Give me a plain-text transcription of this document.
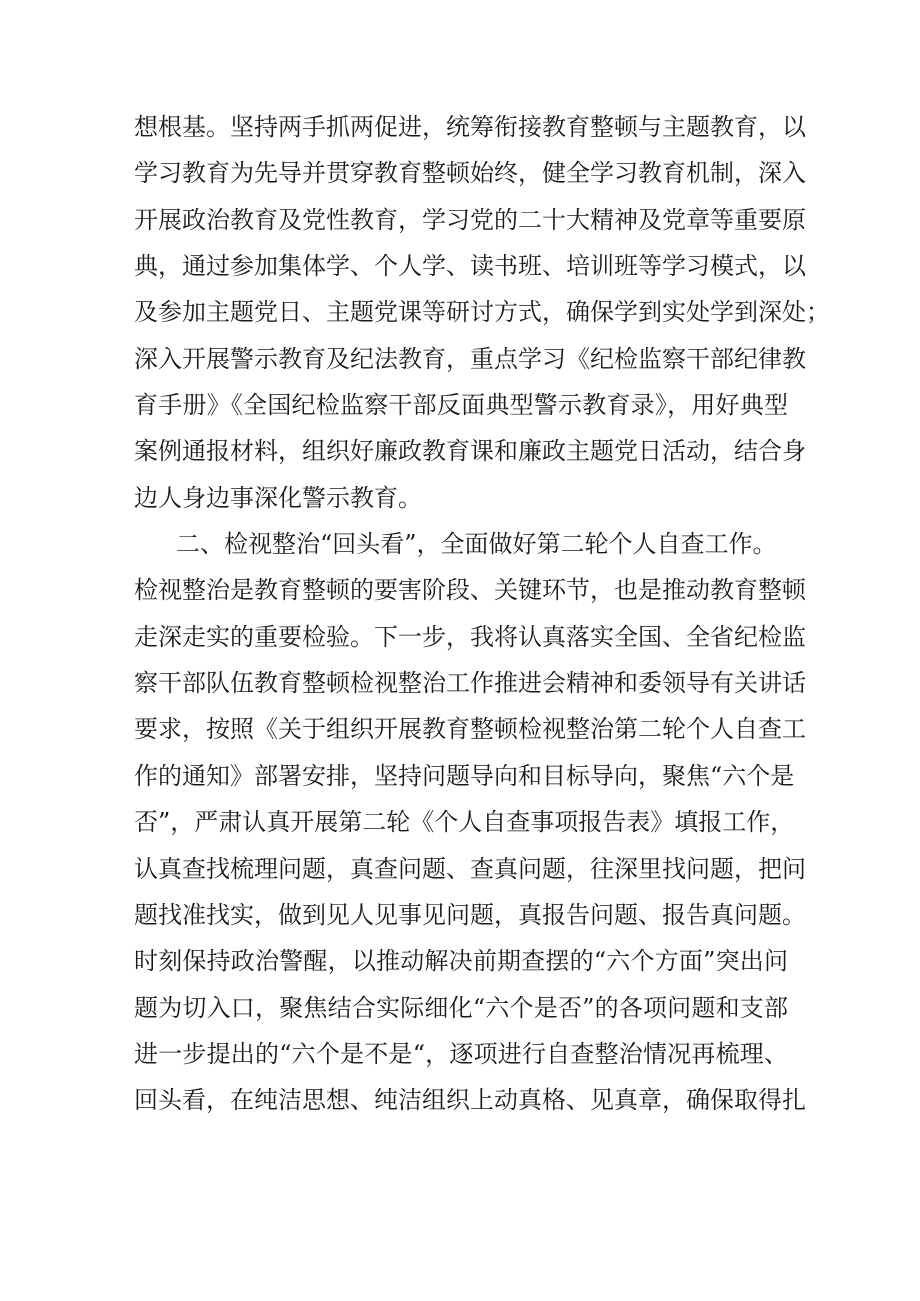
想根基。坚持两手抓两促进，统筹衔接教育整顿与主题教育，以
学习教育为先导并贯穿教育整顿始终，健全学习教育机制，深入
开展政治教育及党性教育，学习党的二十大精神及党章等重要原
典，通过参加集体学、个人学、读书班、培训班等学习模式，以
及参加主题党日、主题党课等研讨方式，确保学到实处学到深处；
深入开展警示教育及纪法教育，重点学习《纪检监察干部纪律教
育手册》《全国纪检监察干部反面典型警示教育录》，用好典型
案例通报材料，组织好廉政教育课和廉政主题党日活动，结合身
边人身边事深化警示教育。
二、检视整治“回头看”，全面做好第二轮个人自查工作。
检视整治是教育整顿的要害阶段、关键环节，也是推动教育整顿
走深走实的重要检验。下一步，我将认真落实全国、全省纪检监
察干部队伍教育整顿检视整治工作推进会精神和委领导有关讲话
要求，按照《关于组织开展教育整顿检视整治第二轮个人自查工
作的通知》部署安排，坚持问题导向和目标导向，聚焦“六个是
否”，严肃认真开展第二轮《个人自查事项报告表》填报工作，
认真查找梳理问题，真查问题、查真问题，往深里找问题，把问
题找准找实，做到见人见事见问题，真报告问题、报告真问题。
时刻保持政治警醒，以推动解决前期查摆的“六个方面”突出问
题为切入口，聚焦结合实际细化“六个是否”的各项问题和支部
进一步提出的“六个是不是“，逐项进行自查整治情况再梳理、
回头看，在纯洁思想、纯洁组织上动真格、见真章，确保取得扎
